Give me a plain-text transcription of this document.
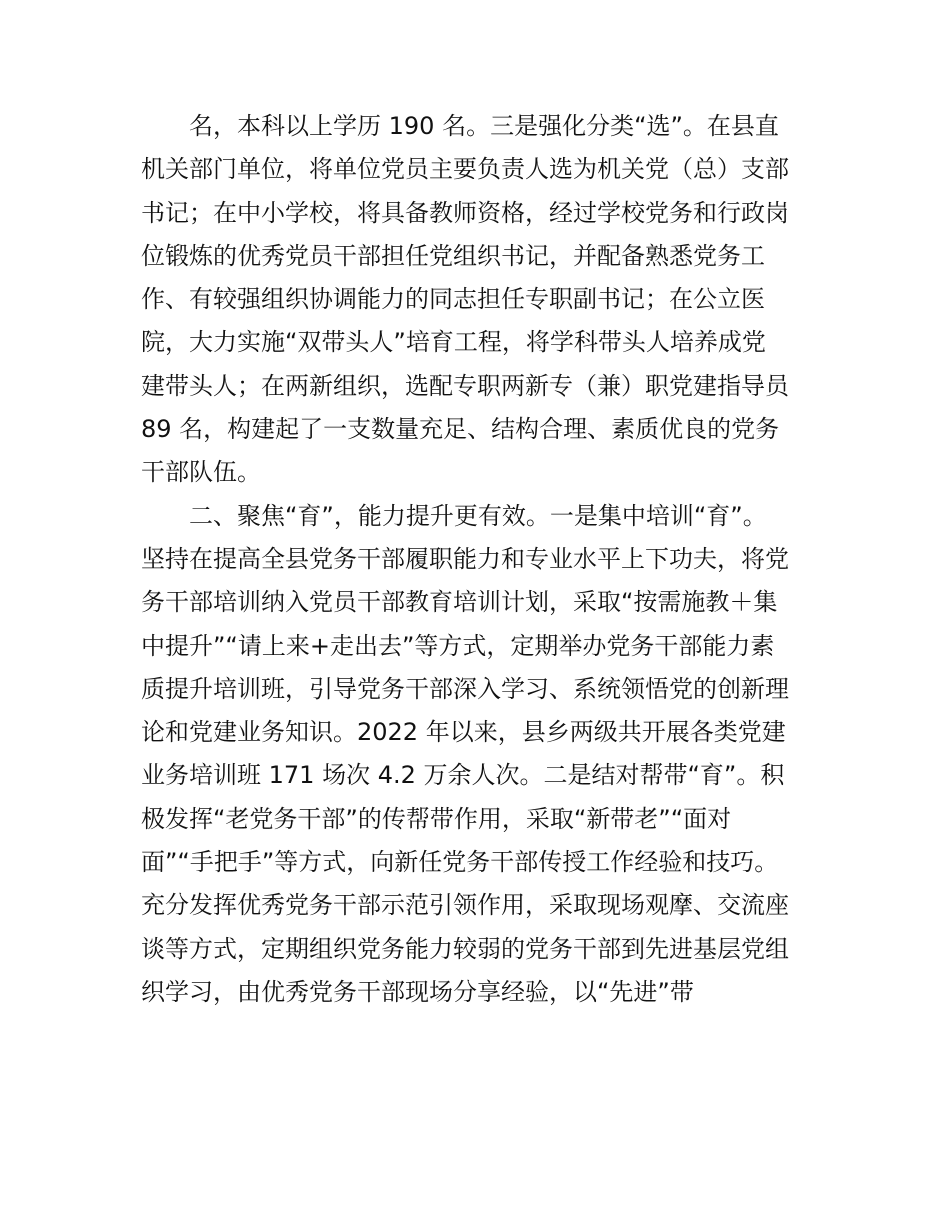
名，本科以上学历 190 名。三是强化分类“选”。在县直
机关部门单位，将单位党员主要负责人选为机关党（总）支部
书记；在中小学校，将具备教师资格，经过学校党务和行政岗
位锻炼的优秀党员干部担任党组织书记，并配备熟悉党务工
作、有较强组织协调能力的同志担任专职副书记；在公立医
院，大力实施“双带头人”培育工程，将学科带头人培养成党
建带头人；在两新组织，选配专职两新专（兼）职党建指导员
89 名，构建起了一支数量充足、结构合理、素质优良的党务
干部队伍。
二、聚焦“育”，能力提升更有效。一是集中培训“育”。
坚持在提高全县党务干部履职能力和专业水平上下功夫，将党
务干部培训纳入党员干部教育培训计划，采取“按需施教＋集
中提升”“请上来+走出去”等方式，定期举办党务干部能力素
质提升培训班，引导党务干部深入学习、系统领悟党的创新理
论和党建业务知识。2022 年以来，县乡两级共开展各类党建
业务培训班 171 场次 4.2 万余人次。二是结对帮带“育”。积
极发挥“老党务干部”的传帮带作用，采取“新带老”“面对
面”“手把手”等方式，向新任党务干部传授工作经验和技巧。
充分发挥优秀党务干部示范引领作用，采取现场观摩、交流座
谈等方式，定期组织党务能力较弱的党务干部到先进基层党组
织学习，由优秀党务干部现场分享经验，以“先进”带
